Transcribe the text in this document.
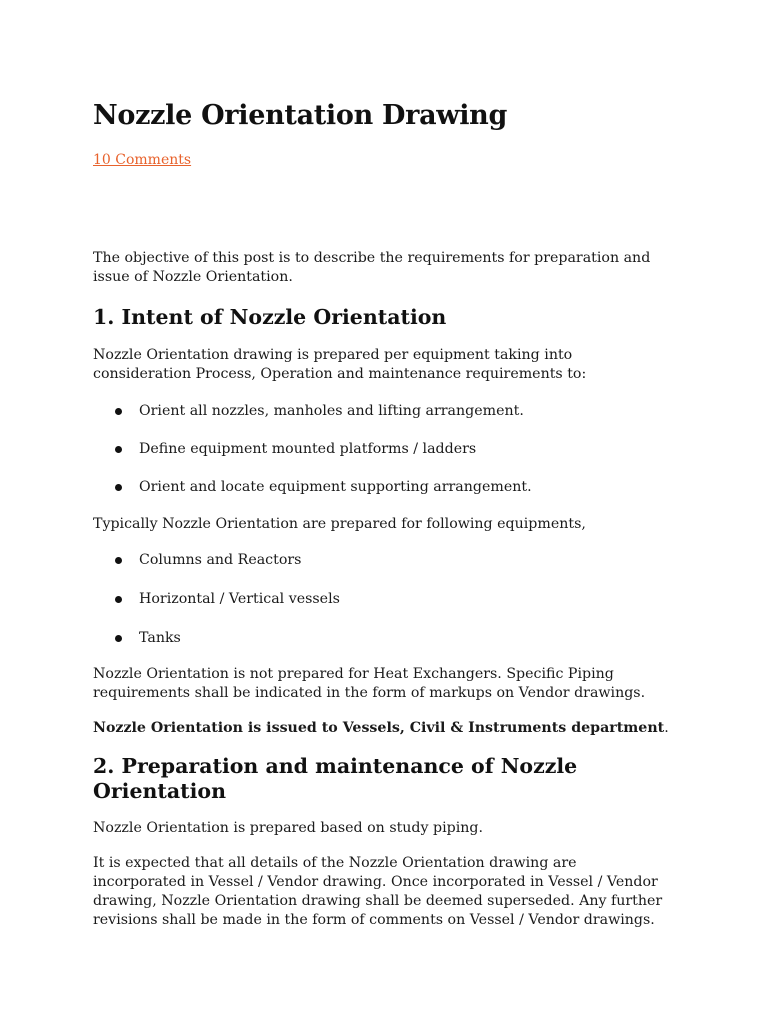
Nozzle Orientation Drawing
10 Comments

The objective of this post is to describe the requirements for preparation and issue of Nozzle Orientation.

1. Intent of Nozzle Orientation

Nozzle Orientation drawing is prepared per equipment taking into consideration Process, Operation and maintenance requirements to:

Orient all nozzles, manholes and lifting arrangement.
Define equipment mounted platforms / ladders
Orient and locate equipment supporting arrangement.

Typically Nozzle Orientation are prepared for following equipments,

Columns and Reactors
Horizontal / Vertical vessels
Tanks

Nozzle Orientation is not prepared for Heat Exchangers. Specific Piping requirements shall be indicated in the form of markups on Vendor drawings.

Nozzle Orientation is issued to Vessels, Civil & Instruments department.

2. Preparation and maintenance of Nozzle Orientation

Nozzle Orientation is prepared based on study piping.

It is expected that all details of the Nozzle Orientation drawing are incorporated in Vessel / Vendor drawing. Once incorporated in Vessel / Vendor drawing, Nozzle Orientation drawing shall be deemed superseded. Any further revisions shall be made in the form of comments on Vessel / Vendor drawings.
